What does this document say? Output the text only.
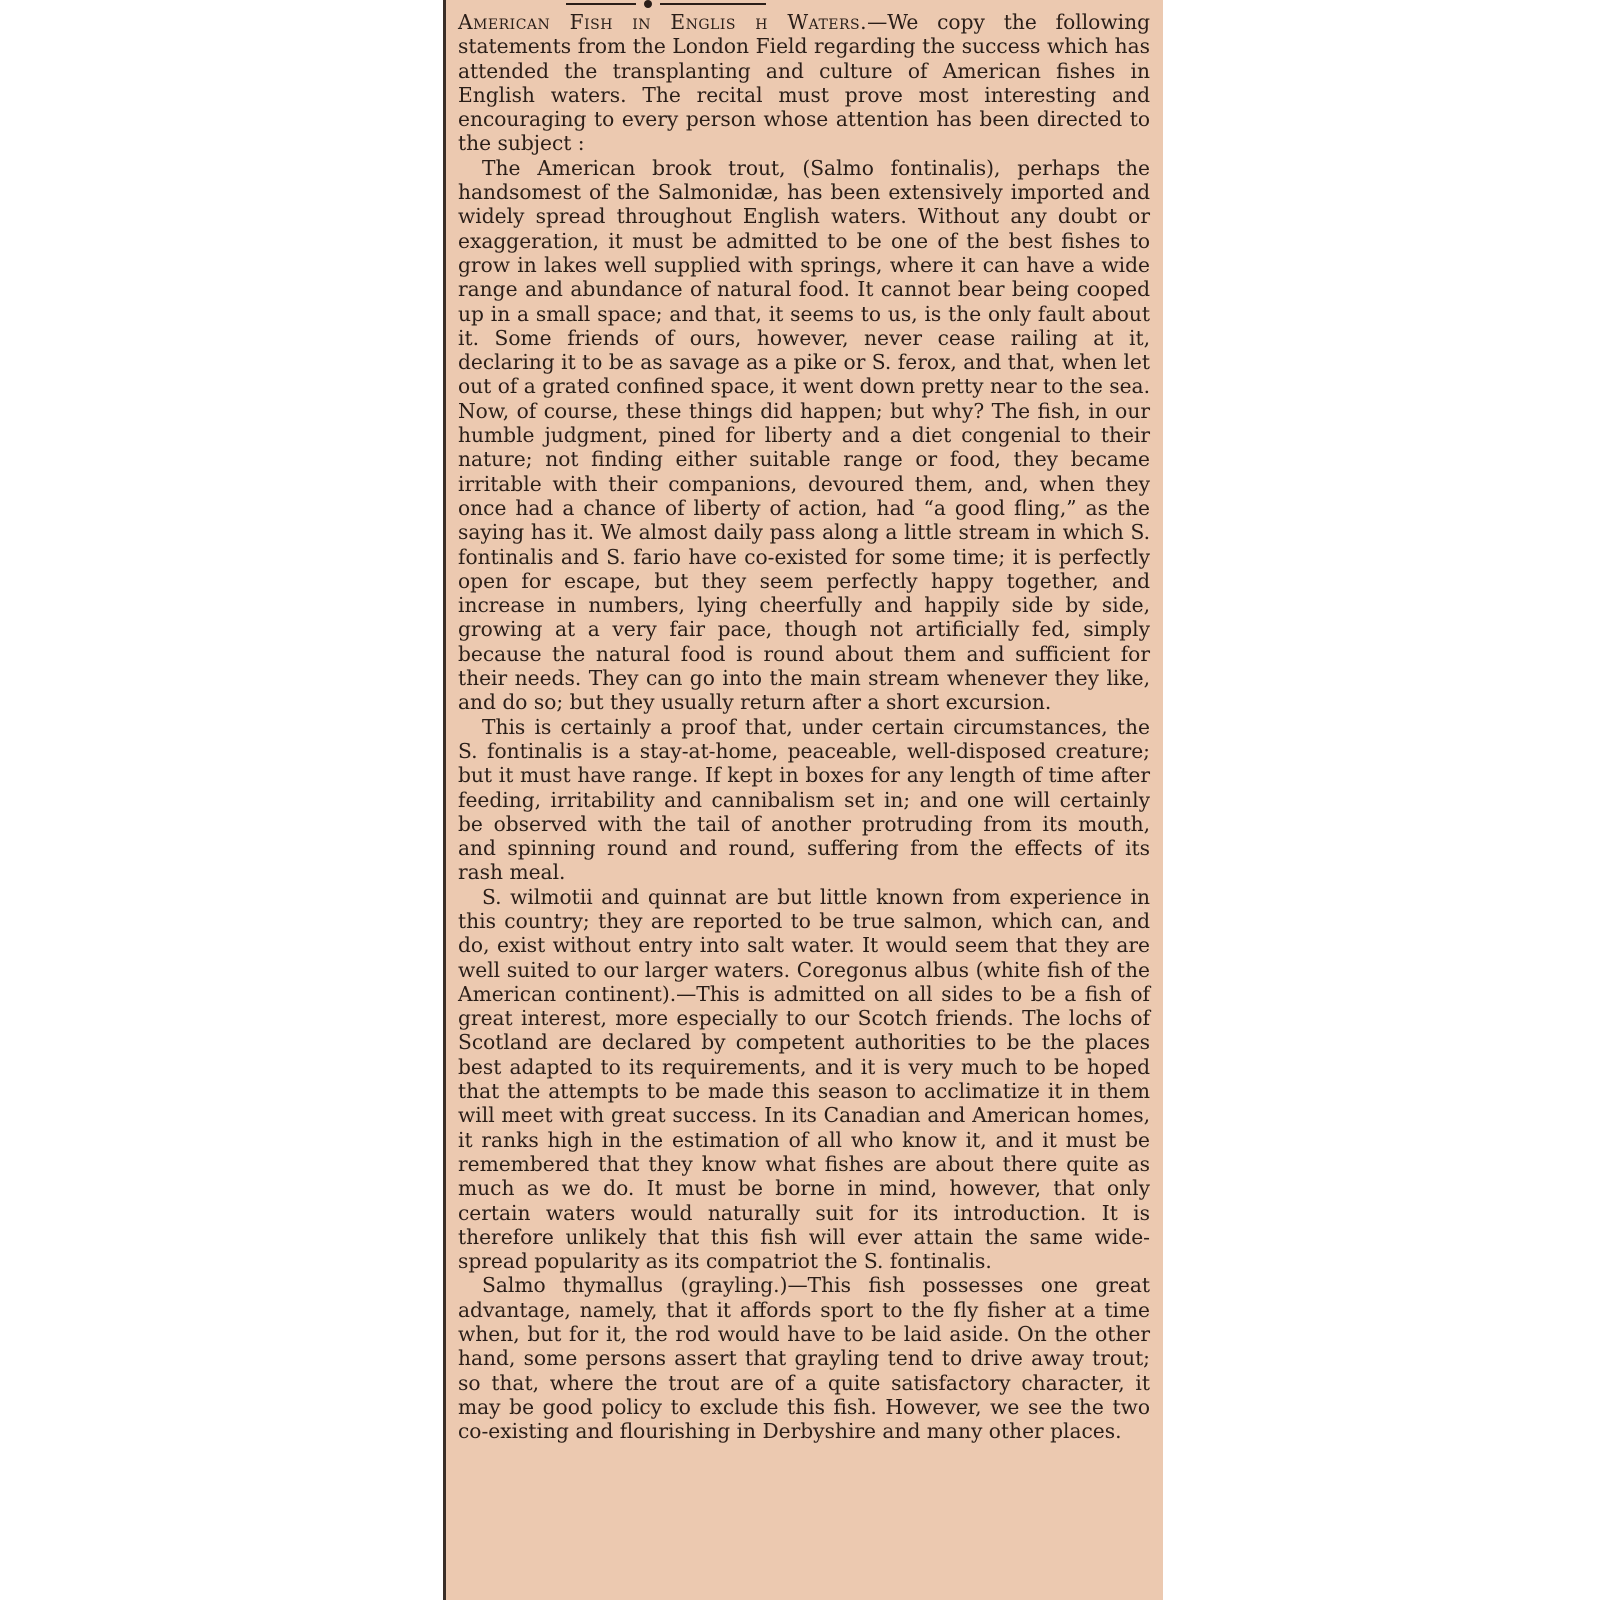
American Fish in Englis h Waters.—We copy the following statements from the London Field regarding the success which has attended the transplanting and culture of American fishes in English waters. The recital must prove most interesting and encouraging to every person whose attention has been directed to the subject :

The American brook trout, (Salmo fontinalis), perhaps the handsomest of the Salmonidæ, has been extensively imported and widely spread throughout English waters. Without any doubt or exaggeration, it must be admitted to be one of the best fishes to grow in lakes well supplied with springs, where it can have a wide range and abundance of natural food. It cannot bear being cooped up in a small space; and that, it seems to us, is the only fault about it. Some friends of ours, however, never cease railing at it, declaring it to be as savage as a pike or S. ferox, and that, when let out of a grated confined space, it went down pretty near to the sea. Now, of course, these things did happen; but why? The fish, in our humble judgment, pined for liberty and a diet congenial to their nature; not finding either suitable range or food, they became irritable with their companions, devoured them, and, when they once had a chance of liberty of action, had “a good fling,” as the saying has it. We almost daily pass along a little stream in which S. fontinalis and S. fario have co-existed for some time; it is perfectly open for escape, but they seem perfectly happy together, and increase in numbers, lying cheerfully and happily side by side, growing at a very fair pace, though not artificially fed, simply because the natural food is round about them and sufficient for their needs. They can go into the main stream whenever they like, and do so; but they usually return after a short excursion.

This is certainly a proof that, under certain circumstances, the S. fontinalis is a stay-at-home, peaceable, well-disposed creature; but it must have range. If kept in boxes for any length of time after feeding, irritability and cannibalism set in; and one will certainly be observed with the tail of another protruding from its mouth, and spinning round and round, suffering from the effects of its rash meal.

S. wilmotii and quinnat are but little known from experience in this country; they are reported to be true salmon, which can, and do, exist without entry into salt water. It would seem that they are well suited to our larger waters. Coregonus albus (white fish of the American continent).—This is admitted on all sides to be a fish of great interest, more especially to our Scotch friends. The lochs of Scotland are declared by competent authorities to be the places best adapted to its requirements, and it is very much to be hoped that the attempts to be made this season to acclimatize it in them will meet with great success. In its Canadian and American homes, it ranks high in the estimation of all who know it, and it must be remembered that they know what fishes are about there quite as much as we do. It must be borne in mind, however, that only certain waters would naturally suit for its introduction. It is therefore unlikely that this fish will ever attain the same wide-spread popularity as its compatriot the S. fontinalis.

Salmo thymallus (grayling.)—This fish possesses one great advantage, namely, that it affords sport to the fly fisher at a time when, but for it, the rod would have to be laid aside. On the other hand, some persons assert that grayling tend to drive away trout; so that, where the trout are of a quite satisfactory character, it may be good policy to exclude this fish. However, we see the two co-existing and flourishing in Derbyshire and many other places.
